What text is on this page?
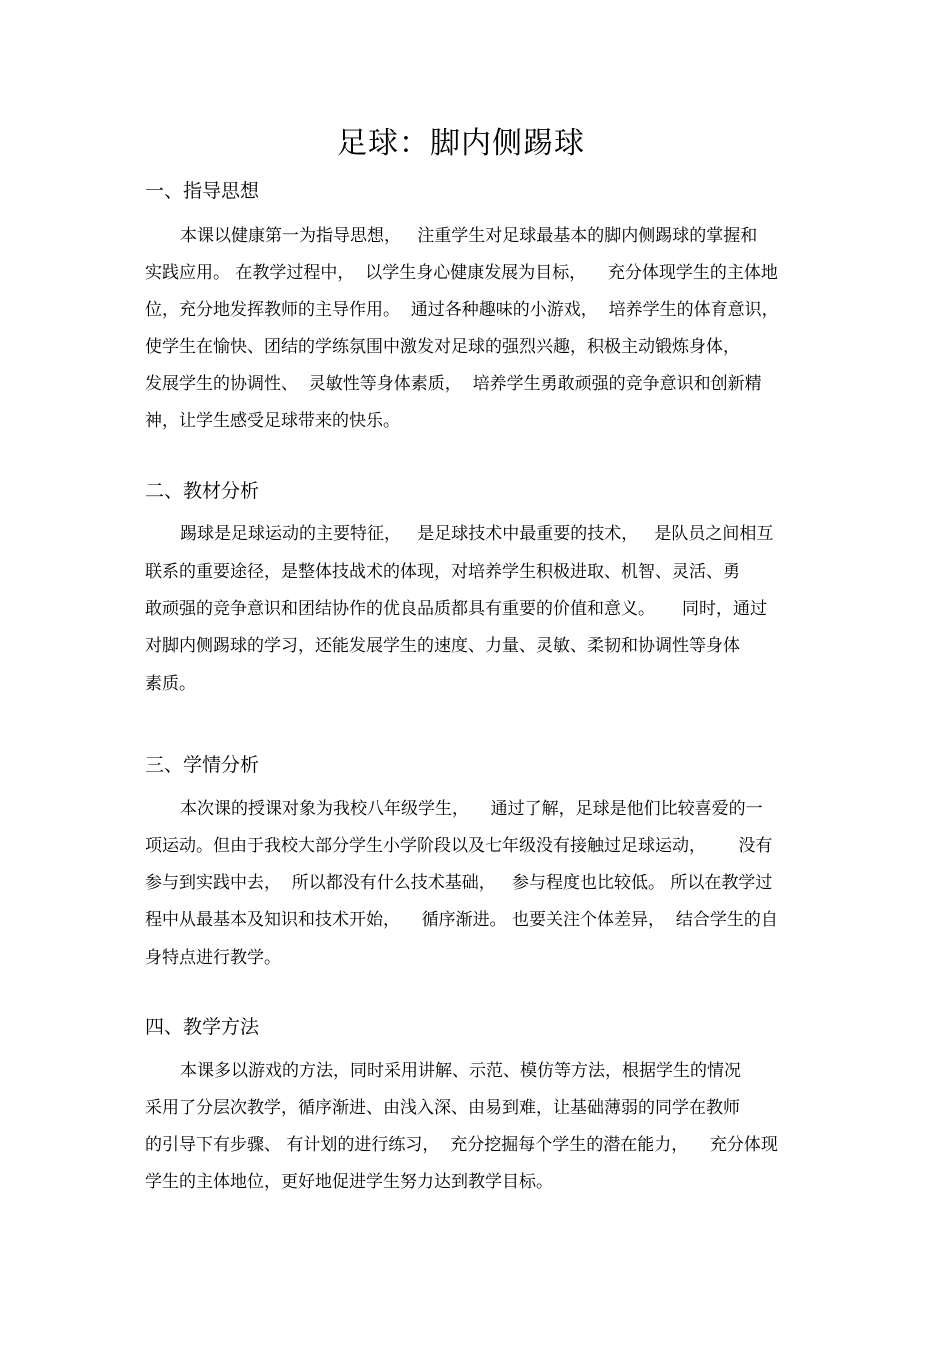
足球：脚内侧踢球
一、指导思想
本课以健康第一为指导思想，   注重学生对足球最基本的脚内侧踢球的掌握和
实践应用。 在教学过程中，  以学生身心健康发展为目标，    充分体现学生的主体地
位，充分地发挥教师的主导作用。  通过各种趣味的小游戏，  培养学生的体育意识，
使学生在愉快、团结的学练氛围中激发对足球的强烈兴趣，积极主动锻炼身体，
发展学生的协调性、  灵敏性等身体素质，  培养学生勇敢顽强的竞争意识和创新精
神，让学生感受足球带来的快乐。
二、教材分析
踢球是足球运动的主要特征，   是足球技术中最重要的技术，   是队员之间相互
联系的重要途径，是整体技战术的体现，对培养学生积极进取、机智、灵活、勇
敢顽强的竞争意识和团结协作的优良品质都具有重要的价值和意义。     同时，通过
对脚内侧踢球的学习，还能发展学生的速度、力量、灵敏、柔韧和协调性等身体
素质。
三、学情分析
本次课的授课对象为我校八年级学生，    通过了解，足球是他们比较喜爱的一
项运动。但由于我校大部分学生小学阶段以及七年级没有接触过足球运动，      没有
参与到实践中去，  所以都没有什么技术基础，   参与程度也比较低。 所以在教学过
程中从最基本及知识和技术开始，    循序渐进。 也要关注个体差异，  结合学生的自
身特点进行教学。
四、教学方法
本课多以游戏的方法，同时采用讲解、示范、模仿等方法，根据学生的情况
采用了分层次教学，循序渐进、由浅入深、由易到难，让基础薄弱的同学在教师
的引导下有步骤、 有计划的进行练习，  充分挖掘每个学生的潜在能力，    充分体现
学生的主体地位，更好地促进学生努力达到教学目标。
